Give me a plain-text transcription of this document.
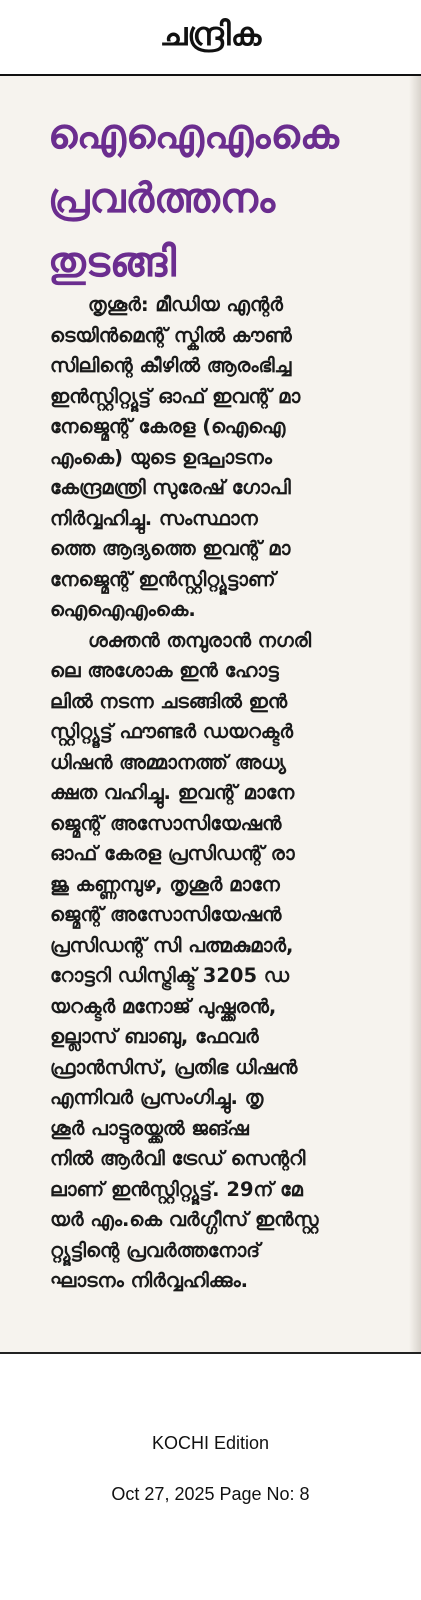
ചന്ദ്രിക
ഐഐഎംകെ
പ്രവർത്തനം
തുടങ്ങി
തൃശൂർ: മീഡിയ എന്റർ
ടെയിൻമെന്റ് സ്കിൽ കൗൺ
സിലിന്റെ കീഴിൽ ആരംഭിച്ച
ഇൻസ്റ്റിറ്റ്യൂട്ട് ഓഫ് ഇവന്റ് മാ
നേജ്മെന്റ് കേരള (ഐഐ
എംകെ) യുടെ ഉദ്ഘാടനം
കേന്ദ്രമന്ത്രി സുരേഷ് ഗോപി
നിർവ്വഹിച്ചു. സംസ്ഥാന
ത്തെ ആദ്യത്തെ ഇവന്റ് മാ
നേജ്മെന്റ് ഇൻസ്റ്റിറ്റ്യൂട്ടാണ്
ഐഐഎംകെ.
ശക്തൻ തമ്പുരാൻ നഗരി
ലെ അശോക ഇൻ ഹോട്ട
ലിൽ നടന്ന ചടങ്ങിൽ ഇൻ
സ്റ്റിറ്റ്യൂട്ട് ഫൗണ്ടർ ഡയറക്ടർ
ധിഷൻ അമ്മാനത്ത് അധ്യ
ക്ഷത വഹിച്ചു. ഇവന്റ് മാനേ
ജ്മെന്റ് അസോസിയേഷൻ
ഓഫ് കേരള പ്രസിഡന്റ് രാ
ജു കണ്ണമ്പുഴ, തൃശൂർ മാനേ
ജ്മെന്റ് അസോസിയേഷൻ
പ്രസിഡന്റ് സി പത്മകുമാർ,
റോട്ടറി ഡിസ്ട്രിക്ട് 3205 ഡ
യറക്ടർ മനോജ് പുഷ്ക്കരൻ,
ഉല്ലാസ് ബാബു, ഫേവർ
ഫ്രാൻസിസ്, പ്രതിഭ ധിഷൻ
എന്നിവർ പ്രസംഗിച്ചു. തൃ
ശൂർ പാട്ടുരയ്ക്കൽ ജങ്ഷ
നിൽ ആർവി ട്രേഡ് സെന്ററി
ലാണ് ഇൻസ്റ്റിറ്റ്യൂട്ട്. 29ന് മേ
യർ എം.കെ വർഗ്ഗീസ് ഇൻസ്റ്റ
റ്റ്യൂട്ടിന്റെ പ്രവർത്തനോദ്
ഘാടനം നിർവ്വഹിക്കും.
KOCHI Edition
Oct 27, 2025 Page No: 8
